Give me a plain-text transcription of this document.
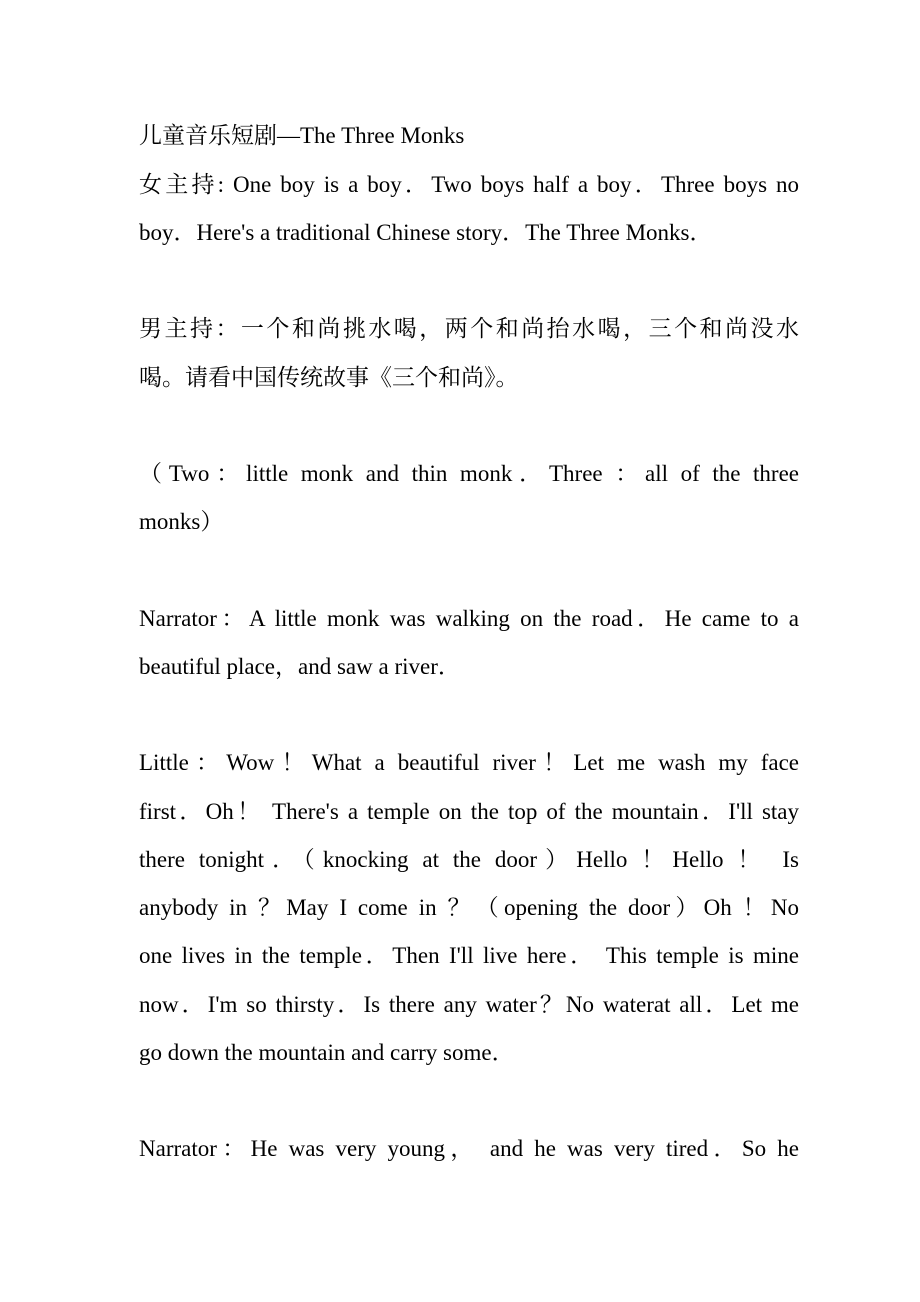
儿童音乐短剧—The Three Monks
女主持: One boy is a boy．Two boys half a boy．Three boys no
boy．Here's a traditional Chinese story．The Three Monks．
男主持：一个和尚挑水喝，两个和尚抬水喝，三个和尚没水
喝。请看中国传统故事《三个和尚》。
（Two：little monk and thin monk．Three ：all of the three
monks）
Narrator：A little monk was walking on the road．He came to a
beautiful place，and saw a river．
Little：Wow！What a beautiful river！Let me wash my face
first．Oh！ There's a temple on the top of the mountain．I'll stay
there tonight．（knocking at the door）Hello ！Hello ！ Is
anybody in ？May I come in ？（opening the door）Oh ！No
one lives in the temple．Then I'll live here． This temple is mine
now．I'm so thirsty．Is there any water？No waterat all．Let me
go down the mountain and carry some．
Narrator：He was very young， and he was very tired．So he
